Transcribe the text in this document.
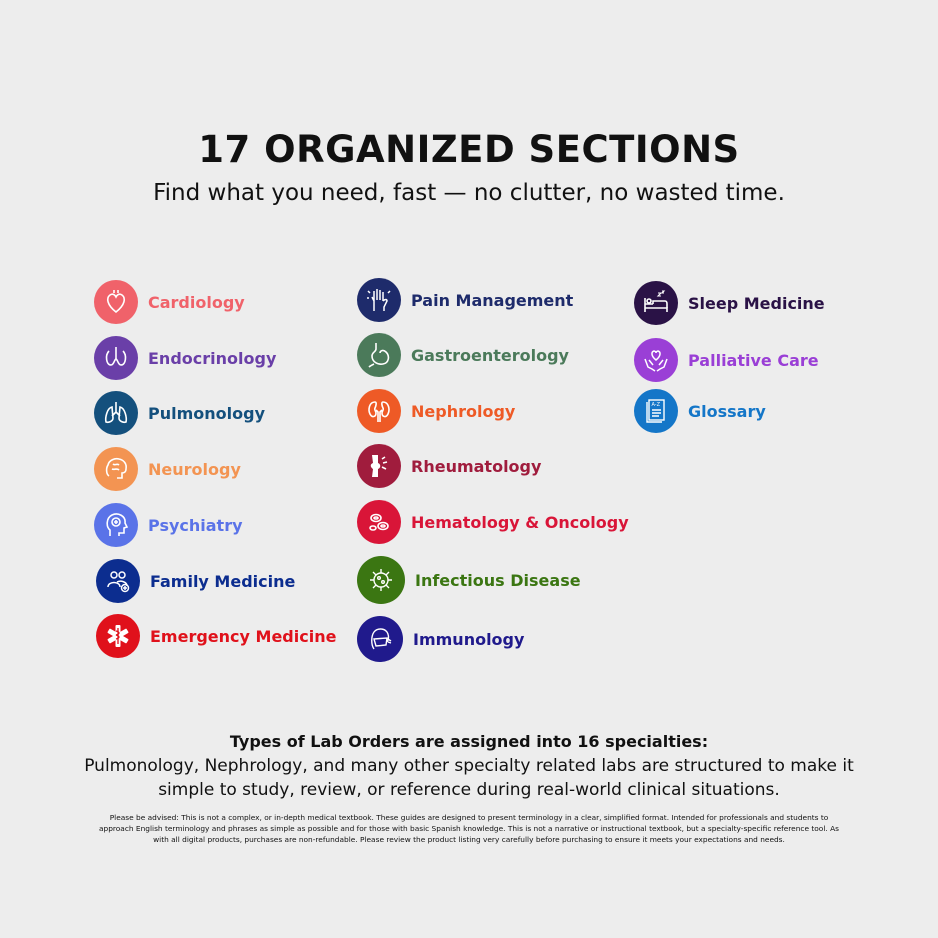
17 ORGANIZED SECTIONS
Find what you need, fast — no clutter, no wasted time.
Cardiology
Endocrinology
Pulmonology
Neurology
Psychiatry
Family Medicine
Emergency Medicine
Pain Management
Gastroenterology
Nephrology
Rheumatology
Hematology & Oncology
Infectious Disease
Immunology
Sleep Medicine
Palliative Care
A-Z Glossary
Types of Lab Orders are assigned into 16 specialties:
Pulmonology, Nephrology, and many other specialty related labs are structured to make it simple to study, review, or reference during real-world clinical situations.
Please be advised: This is not a complex, or in-depth medical textbook. These guides are designed to present terminology in a clear, simplified format. Intended for professionals and students to approach English terminology and phrases as simple as possible and for those with basic Spanish knowledge. This is not a narrative or instructional textbook, but a specialty-specific reference tool. As with all digital products, purchases are non-refundable. Please review the product listing very carefully before purchasing to ensure it meets your expectations and needs.
